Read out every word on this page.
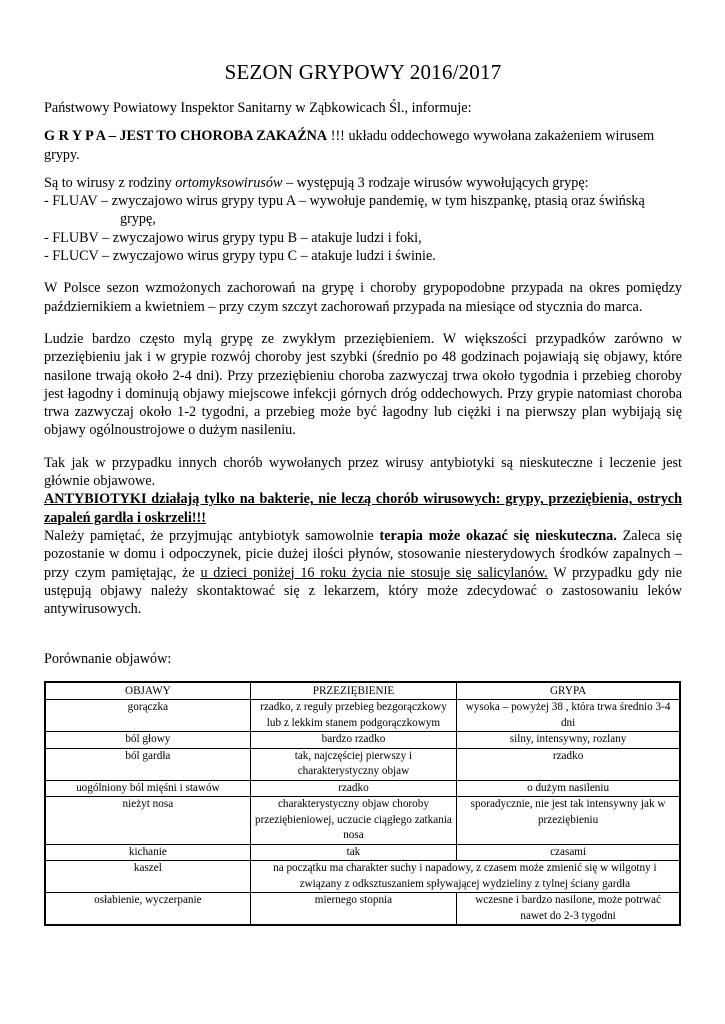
SEZON GRYPOWY 2016/2017

Państwowy Powiatowy Inspektor Sanitarny w Ząbkowicach Śl., informuje:

G R Y P A – JEST TO CHOROBA ZAKAŹNA !!! układu oddechowego wywołana zakażeniem wirusem grypy.

Są to wirusy z rodziny ortomyksowirusów – występują 3 rodzaje wirusów wywołujących grypę:

- FLUAV – zwyczajowo wirus grypy typu A – wywołuje pandemię, w tym hiszpankę, ptasią oraz świńską grypę,

- FLUBV – zwyczajowo wirus grypy typu B – atakuje ludzi i foki,

- FLUCV – zwyczajowo wirus grypy typu C – atakuje ludzi i świnie.

W Polsce sezon wzmożonych zachorowań na grypę i choroby grypopodobne przypada na okres pomiędzy październikiem a kwietniem – przy czym szczyt zachorowań przypada na miesiące od stycznia do marca.

Ludzie bardzo często mylą grypę ze zwykłym przeziębieniem. W większości przypadków zarówno w przeziębieniu jak i w grypie rozwój choroby jest szybki (średnio po 48 godzinach pojawiają się objawy, które nasilone trwają około 2-4 dni). Przy przeziębieniu choroba zazwyczaj trwa około tygodnia i przebieg choroby jest łagodny i dominują objawy miejscowe infekcji górnych dróg oddechowych. Przy grypie natomiast choroba trwa zazwyczaj około 1-2 tygodni, a przebieg może być łagodny lub ciężki i na pierwszy plan wybijają się objawy ogólnoustrojowe o dużym nasileniu.

Tak jak w przypadku innych chorób wywołanych przez wirusy antybiotyki są nieskuteczne i leczenie jest głównie objawowe.

ANTYBIOTYKI działają tylko na bakterie, nie leczą chorób wirusowych: grypy, przeziębienia, ostrych zapaleń gardła i oskrzeli!!!

Należy pamiętać, że przyjmując antybiotyk samowolnie terapia może okazać się nieskuteczna. Zaleca się pozostanie w domu i odpoczynek, picie dużej ilości płynów, stosowanie niesterydowych środków zapalnych – przy czym pamiętając, że u dzieci poniżej 16 roku życia nie stosuje się salicylanów. W przypadku gdy nie ustępują objawy należy skontaktować się z lekarzem, który może zdecydować o zastosowaniu leków antywirusowych.

Porównanie objawów:

OBJAWY	PRZEZIĘBIENIE	GRYPA
gorączka	rzadko, z reguły przebieg bezgorączkowy lub z lekkim stanem podgorączkowym	wysoka – powyżej 38 , która trwa średnio 3-4 dni
ból głowy	bardzo rzadko	silny, intensywny, rozlany
ból gardła	tak, najczęściej pierwszy i charakterystyczny objaw	rzadko
uogólniony ból mięśni i stawów	rzadko	o dużym nasileniu
nieżyt nosa	charakterystyczny objaw choroby przeziębieniowej, uczucie ciągłego zatkania nosa	sporadycznie, nie jest tak intensywny jak w przeziębieniu
kichanie	tak	czasami
kaszel	na początku ma charakter suchy i napadowy, z czasem może zmienić się w wilgotny i związany z odksztuszaniem spływającej wydzieliny z tylnej ściany gardła	
osłabienie, wyczerpanie	miernego stopnia	wczesne i bardzo nasilone, może potrwać nawet do 2-3 tygodni
